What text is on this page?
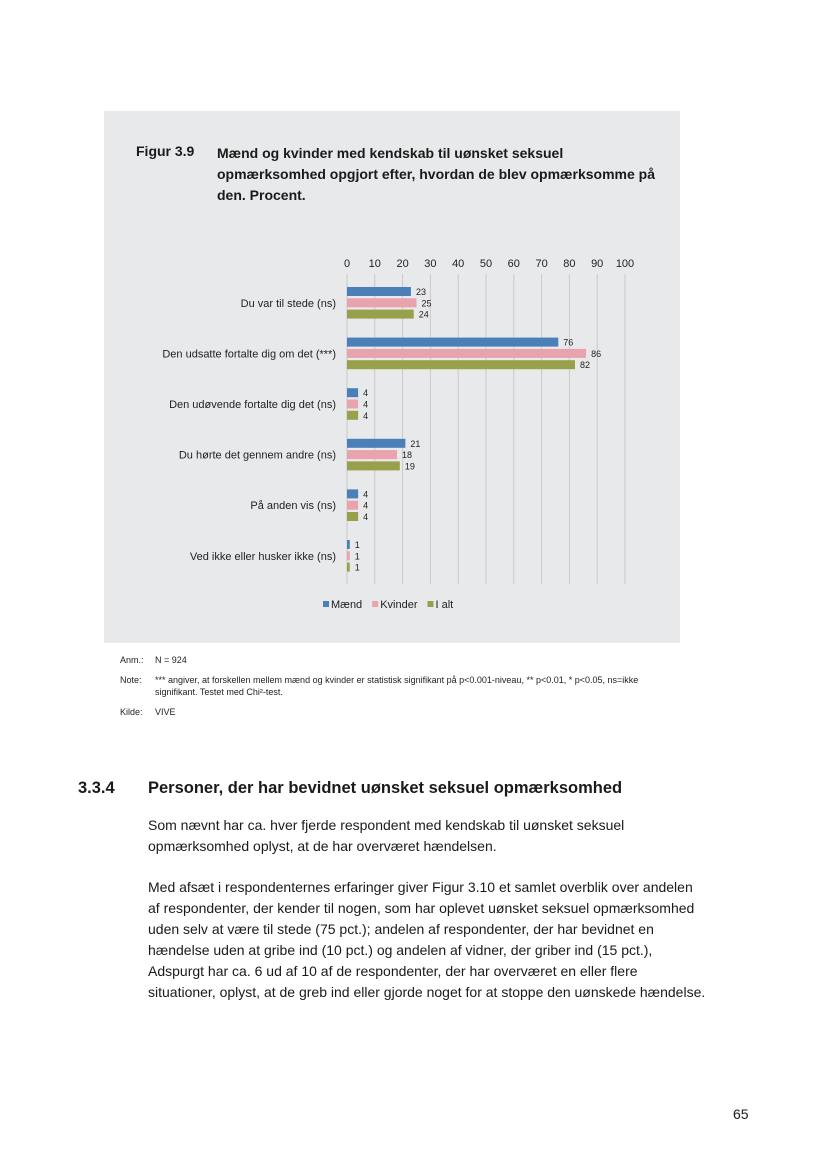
Figur 3.9 Mænd og kvinder med kendskab til uønsket seksuel opmærksomhed opgjort efter, hvordan de blev opmærksomme på den. Procent.
0 10 20 30 40 50 60 70 80 90 100
Du var til stede (ns)
23
25
24
Den udsatte fortalte dig om det (***)
76
86
82
Den udøvende fortalte dig det (ns)
4
4
4
Du hørte det gennem andre (ns)
21
18
19
På anden vis (ns)
4
4
4
Ved ikke eller husker ikke (ns)
1
1
1
Mænd Kvinder I alt
Anm.:	N = 924
Note:	*** angiver, at forskellen mellem mænd og kvinder er statistisk signifikant på p<0.001-niveau, ** p<0.01, * p<0.05, ns=ikke signifikant. Testet med Chi²-test.
Kilde:	VIVE
3.3.4 Personer, der har bevidnet uønsket seksuel opmærksomhed

Som nævnt har ca. hver fjerde respondent med kendskab til uønsket seksuel opmærksomhed oplyst, at de har overværet hændelsen.

Med afsæt i respondenternes erfaringer giver Figur 3.10 et samlet overblik over andelen af respondenter, der kender til nogen, som har oplevet uønsket seksuel opmærksomhed uden selv at være til stede (75 pct.); andelen af respondenter, der har bevidnet en hændelse uden at gribe ind (10 pct.) og andelen af vidner, der griber ind (15 pct.), Adspurgt har ca. 6 ud af 10 af de respondenter, der har overværet en eller flere situationer, oplyst, at de greb ind eller gjorde noget for at stoppe den uønskede hændelse.

65
